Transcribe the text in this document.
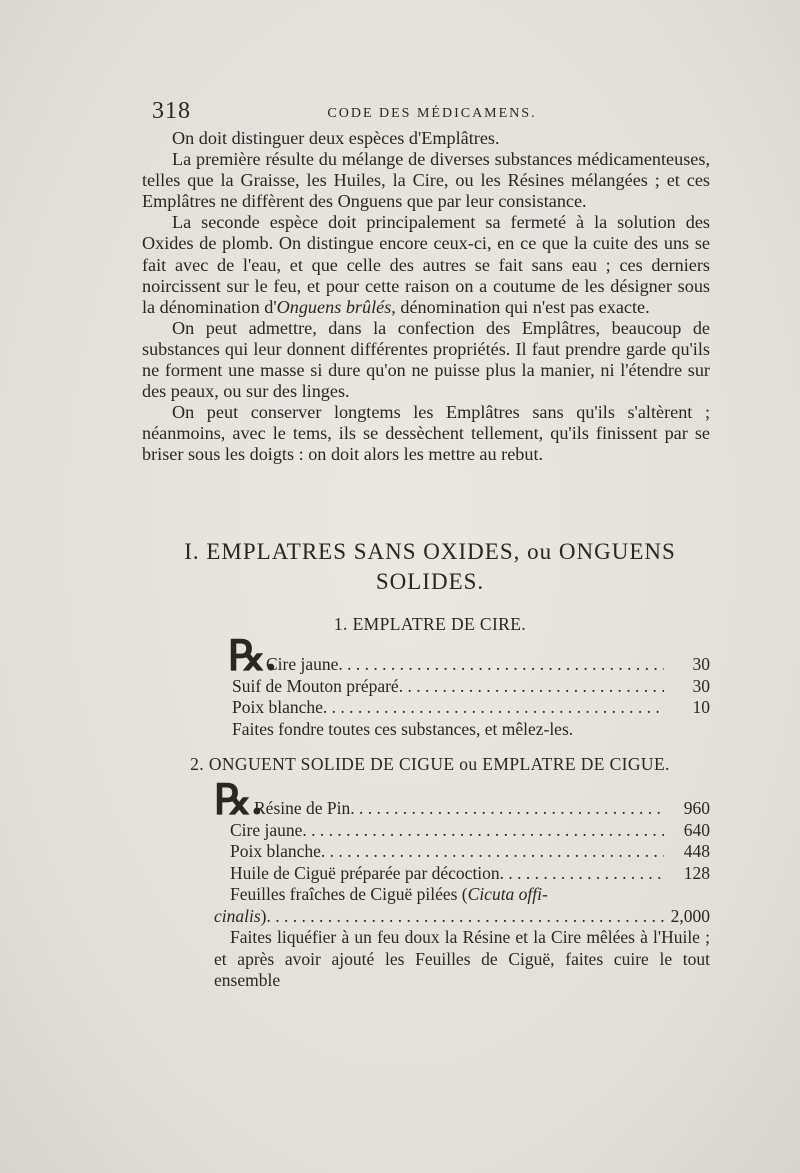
318	CODE DES MÉDICAMENS.

On doit distinguer deux espèces d'Emplâtres.

La première résulte du mélange de diverses substances médicamenteuses, telles que la Graisse, les Huiles, la Cire, ou les Résines mélangées ; et ces Emplâtres ne diffèrent des Onguens que par leur consistance.

La seconde espèce doit principalement sa fermeté à la solution des Oxides de plomb. On distingue encore ceux-ci, en ce que la cuite des uns se fait avec de l'eau, et que celle des autres se fait sans eau ; ces derniers noircissent sur le feu, et pour cette raison on a coutume de les désigner sous la dénomination d'Onguens brûlés, dénomination qui n'est pas exacte.

On peut admettre, dans la confection des Emplâtres, beaucoup de substances qui leur donnent différentes propriétés. Il faut prendre garde qu'ils ne forment une masse si dure qu'on ne puisse plus la manier, ni l'étendre sur des peaux, ou sur des linges.

On peut conserver longtems les Emplâtres sans qu'ils s'altèrent ; néanmoins, avec le tems, ils se dessèchent tellement, qu'ils finissent par se briser sous les doigts : on doit alors les mettre au rebut.

I. EMPLATRES SANS OXIDES, ou ONGUENS
SOLIDES.
1. EMPLATRE DE CIRE.
℞.
Cire jaune . . .	30
Suif de Mouton préparé . . .	30
Poix blanche . . .	10
Faites fondre toutes ces substances, et mêlez-les.
2. ONGUENT SOLIDE DE CIGUE ou EMPLATRE DE CIGUE.
℞.
Résine de Pin . . .	960
Cire jaune . . .	640
Poix blanche . . .	448
Huile de Ciguë préparée par décoction . . .	128
Feuilles fraîches de Ciguë pilées (Cicuta offi-
cinalis) . . .	2,000
Faites liquéfier à un feu doux la Résine et la Cire mêlées à l'Huile ; et après avoir ajouté les Feuilles de Ciguë, faites cuire le tout ensemble
